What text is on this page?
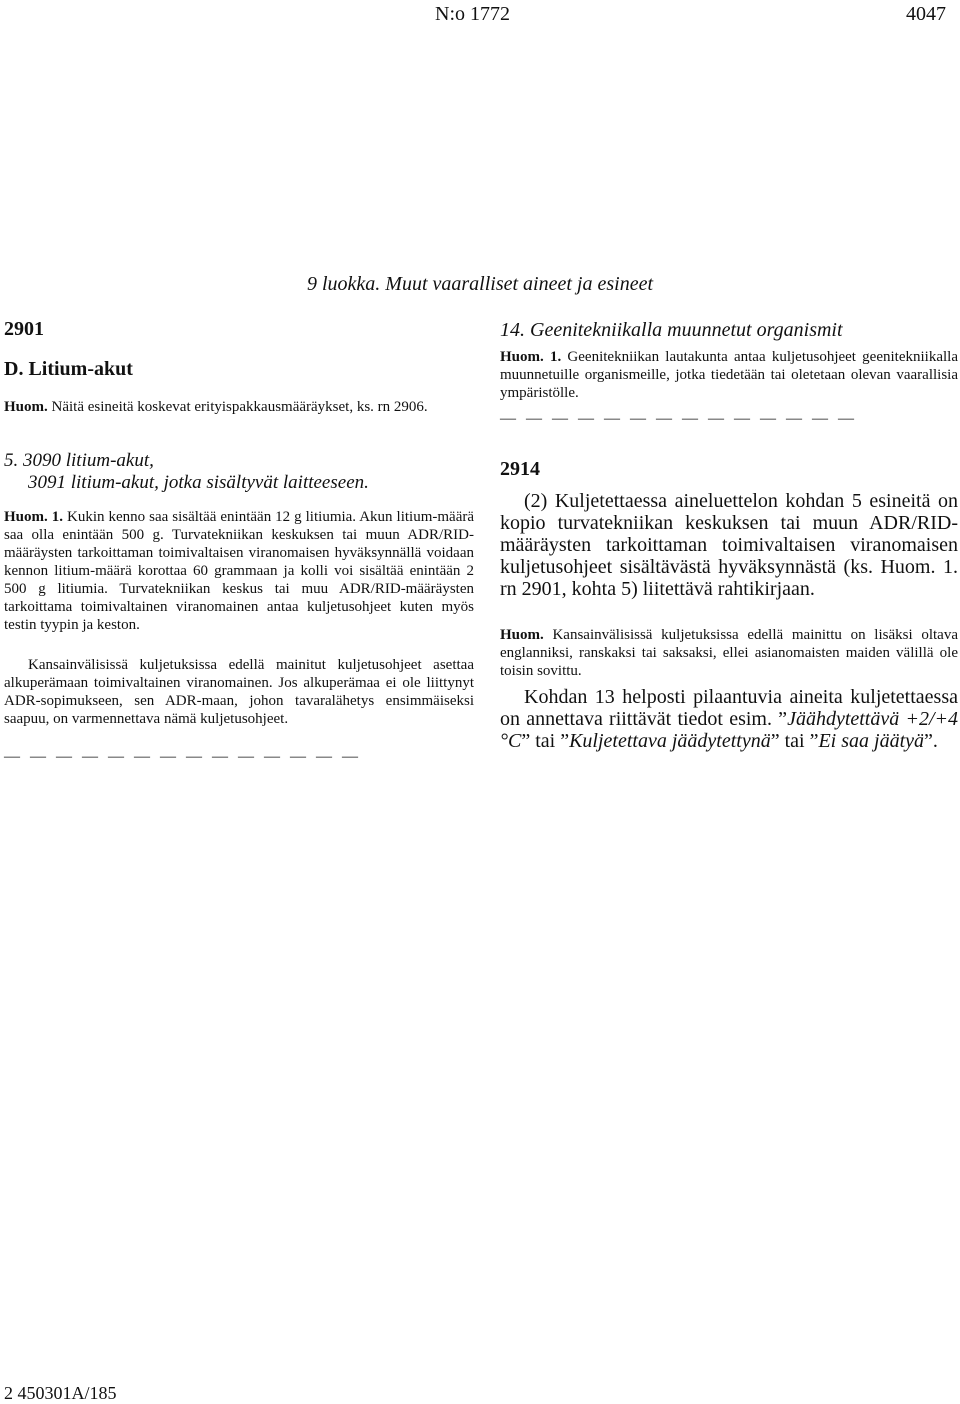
N:o 1772	4047
9 luokka. Muut vaaralliset aineet ja esineet
2901
D. Litium-akut
Huom. Näitä esineitä koskevat erityispakkausmääräykset, ks. rn 2906.
5. 3090 litium-akut,
3091 litium-akut, jotka sisältyvät laitteeseen.
Huom. 1. Kukin kenno saa sisältää enintään 12 g litiumia. Akun litium-määrä saa olla enintään 500 g. Turvatekniikan keskuksen tai muun ADR/RID-määräysten tarkoittaman toimivaltaisen viranomaisen hyväksynnällä voidaan kennon litium-määrä korottaa 60 grammaan ja kolli voi sisältää enintään 2 500 g litiumia. Turvatekniikan keskus tai muu ADR/RID-määräysten tarkoittama toimivaltainen viranomainen antaa kuljetusohjeet kuten myös testin tyypin ja keston.
Kansainvälisissä kuljetuksissa edellä mainitut kuljetusohjeet asettaa alkuperämaan toimivaltainen viranomainen. Jos alkuperämaa ei ole liittynyt ADR-sopimukseen, sen ADR-maan, johon tavaralähetys ensimmäiseksi saapuu, on varmennettava nämä kuljetusohjeet.
— — — — — — — — — — — — — —
14. Geenitekniikalla muunnetut organismit
Huom. 1. Geenitekniikan lautakunta antaa kuljetusohjeet geenitekniikalla muunnetuille organismeille, jotka tiedetään tai oletetaan olevan vaarallisia ympäristölle.
— — — — — — — — — — — — — —
2914
(2) Kuljetettaessa aineluettelon kohdan 5 esineitä on kopio turvatekniikan keskuksen tai muun ADR/RID-määräysten tarkoittaman toimivaltaisen viranomaisen kuljetusohjeet sisältävästä hyväksynnästä (ks. Huom. 1. rn 2901, kohta 5) liitettävä rahtikirjaan.
Huom. Kansainvälisissä kuljetuksissa edellä mainittu on lisäksi oltava englanniksi, ranskaksi tai saksaksi, ellei asianomaisten maiden välillä ole toisin sovittu.
Kohdan 13 helposti pilaantuvia aineita kuljetettaessa on annettava riittävät tiedot esim. ”Jäähdytettävä +2/+4 °C” tai ”Kuljetettava jäädytettynä” tai ”Ei saa jäätyä”.
2 450301A/185
